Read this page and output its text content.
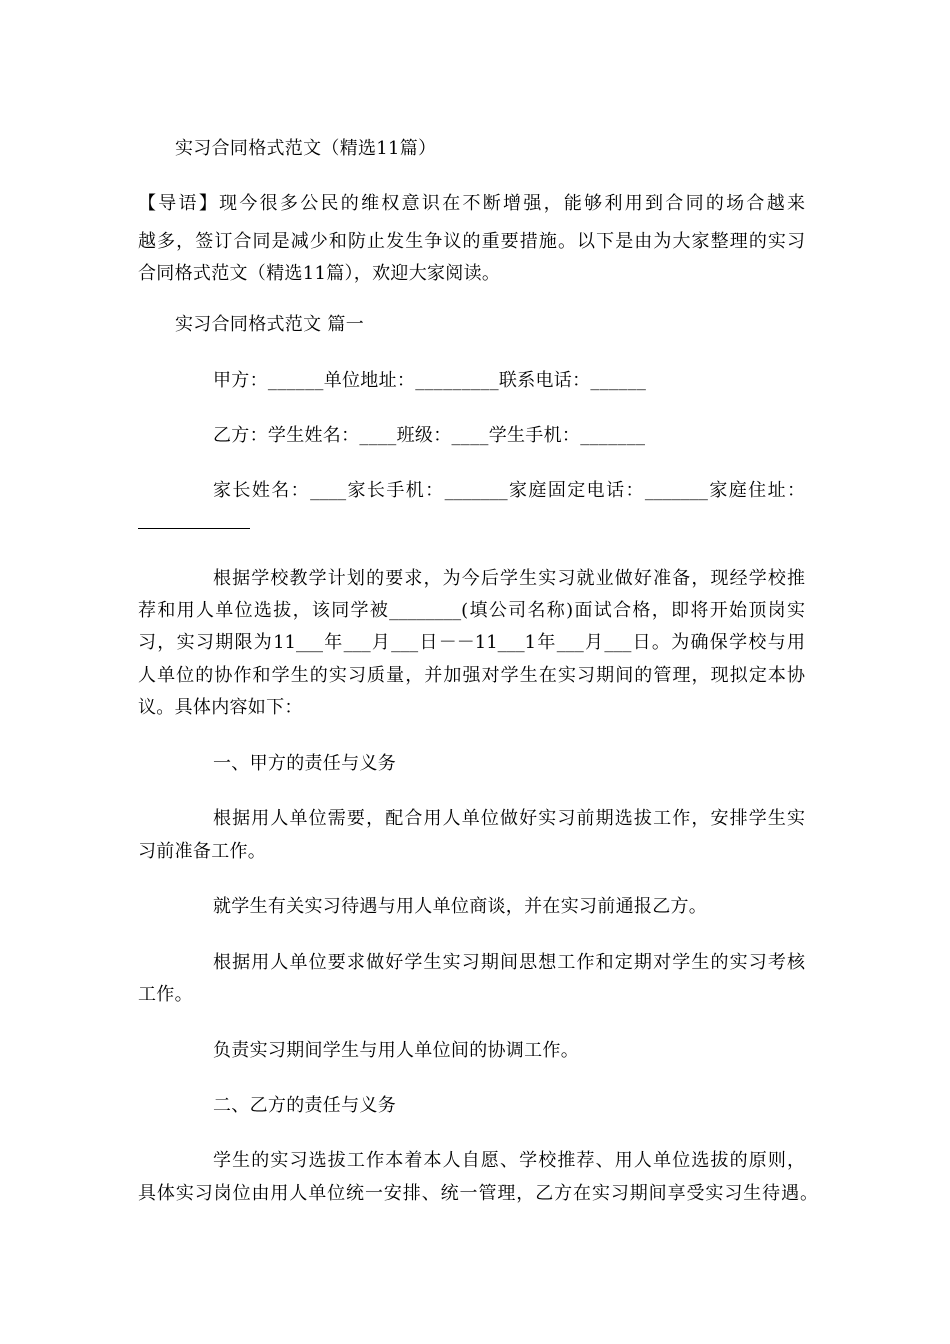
实习合同格式范文（精选11篇）
【导语】现今很多公民的维权意识在不断增强，能够利用到合同的场合越来
越多，签订合同是减少和防止发生争议的重要措施。以下是由为大家整理的实习
合同格式范文（精选11篇），欢迎大家阅读。
实习合同格式范文 篇一
甲方：______单位地址：_________联系电话：______
乙方：学生姓名：____班级：____学生手机：_______
家长姓名：____家长手机：_______家庭固定电话：_______家庭住址：
根据学校教学计划的要求，为今后学生实习就业做好准备，现经学校推
荐和用人单位选拔，该同学被________(填公司名称)面试合格，即将开始顶岗实
习，实习期限为11___年___月___日－－11___1年___月___日。为确保学校与用
人单位的协作和学生的实习质量，并加强对学生在实习期间的管理，现拟定本协
议。具体内容如下：
一、甲方的责任与义务
根据用人单位需要，配合用人单位做好实习前期选拔工作，安排学生实
习前准备工作。
就学生有关实习待遇与用人单位商谈，并在实习前通报乙方。
根据用人单位要求做好学生实习期间思想工作和定期对学生的实习考核
工作。
负责实习期间学生与用人单位间的协调工作。
二、乙方的责任与义务
学生的实习选拔工作本着本人自愿、学校推荐、用人单位选拔的原则，
具体实习岗位由用人单位统一安排、统一管理，乙方在实习期间享受实习生待遇。
